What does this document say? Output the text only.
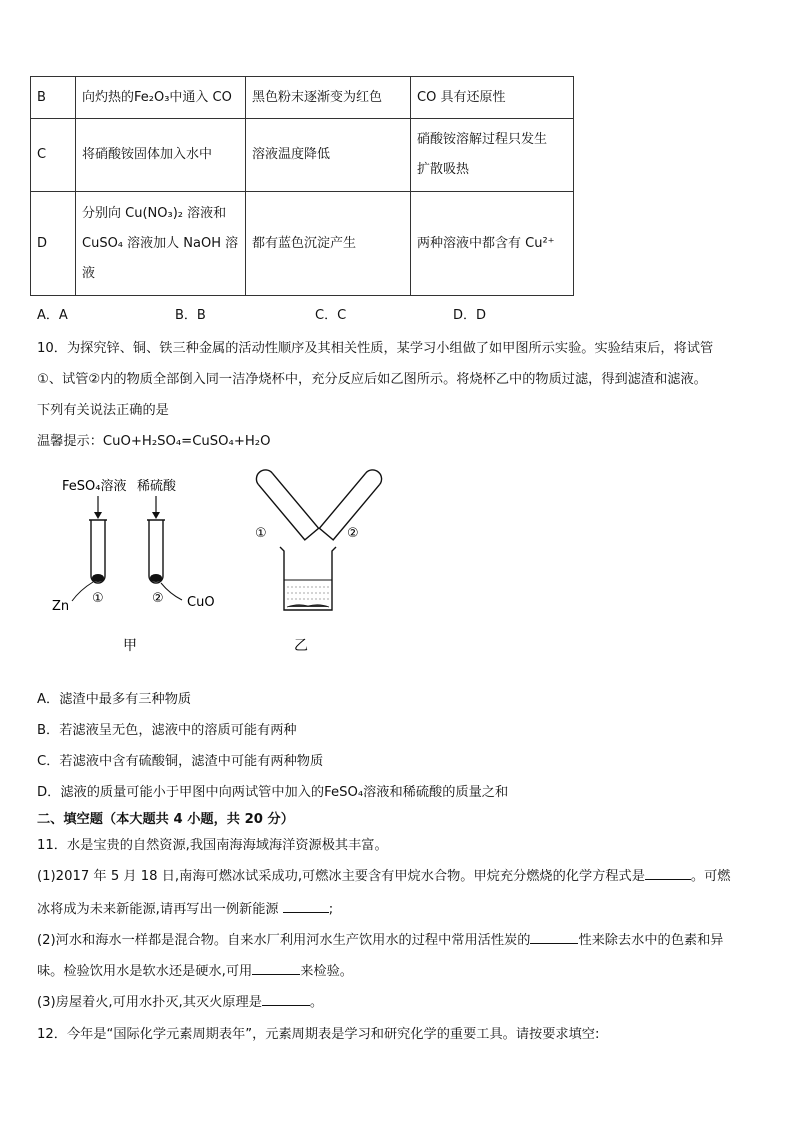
B	向灼热的Fe₂O₃中通入 CO	黑色粉末逐渐变为红色	CO 具有还原性
C	将硝酸铵固体加入水中	溶液温度降低	硝酸铵溶解过程只发生
扩散吸热

D	分别向 Cu(NO₃)₂ 溶液和
CuSO₄ 溶液加人 NaOH 溶
液	都有蓝色沉淀产生	两种溶液中都含有 Cu²⁺
A．A	B．B	C．C	D．D
10．为探究锌、铜、铁三种金属的活动性顺序及其相关性质，某学习小组做了如甲图所示实验。实验结束后，将试管
①、试管②内的物质全部倒入同一洁净烧杯中，充分反应后如乙图所示。将烧杯乙中的物质过滤，得到滤渣和滤液。
下列有关说法正确的是
温馨提示：CuO+H₂SO₄=CuSO₄+H₂O
FeSO₄溶液 稀硫酸
Zn	CuO
①	②
甲
①	②
乙
A．滤渣中最多有三种物质
B．若滤液呈无色，滤液中的溶质可能有两种
C．若滤液中含有硫酸铜，滤渣中可能有两种物质
D．滤液的质量可能小于甲图中向两试管中加入的FeSO₄溶液和稀硫酸的质量之和
二、填空题（本大题共 4 小题，共 20 分）
11．水是宝贵的自然资源,我国南海海域海洋资源极其丰富。
(1)2017 年 5 月 18 日,南海可燃冰试采成功,可燃冰主要含有甲烷水合物。甲烷充分燃烧的化学方程式是	。可燃
冰将成为未来新能源,请再写出一例新能源	;
(2)河水和海水一样都是混合物。自来水厂利用河水生产饮用水的过程中常用活性炭的	性来除去水中的色素和异
味。检验饮用水是软水还是硬水,可用	来检验。
(3)房屋着火,可用水扑灭,其灭火原理是	。
12．今年是“国际化学元素周期表年”，元素周期表是学习和研究化学的重要工具。请按要求填空:
